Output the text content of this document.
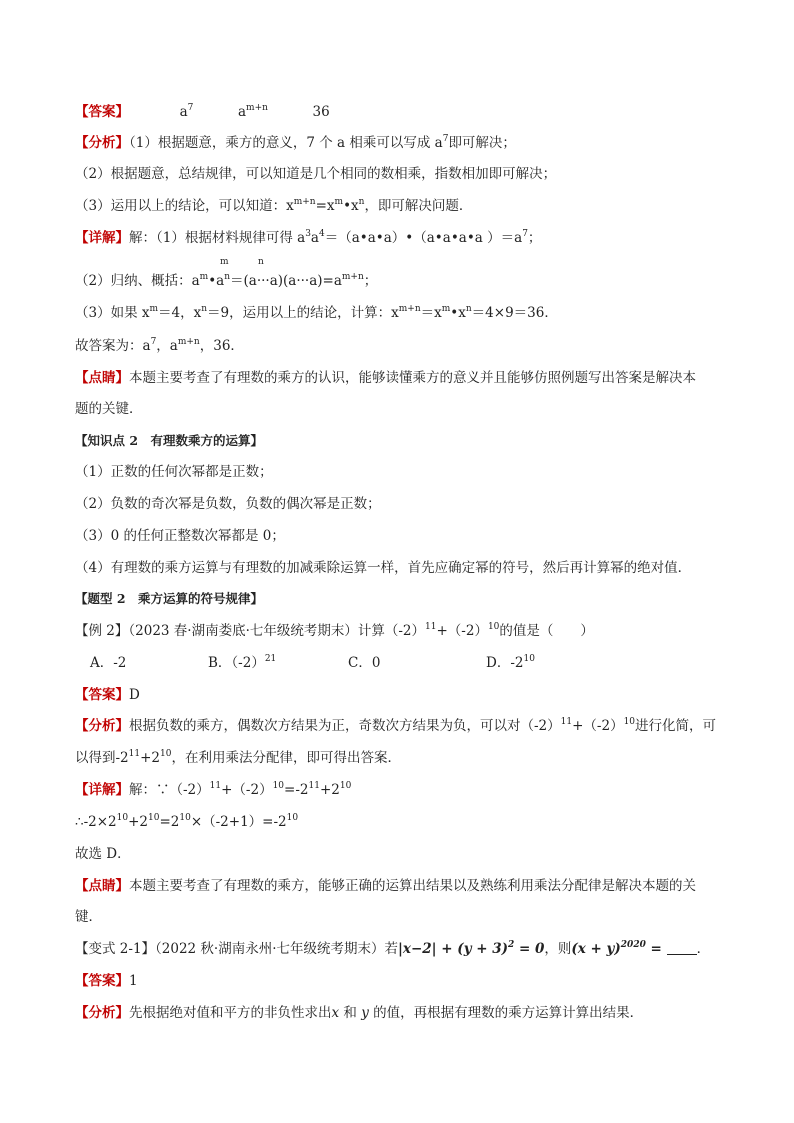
【答案】	$a^7$	$a^{m+n}$	36
【分析】（1）根据题意，乘方的意义，7 个 a 相乘可以写成 $a^7$即可解决；
（2）根据题意，总结规律，可以知道是几个相同的数相乘，指数相加即可解决；
（3）运用以上的结论，可以知道：$x^{m+n}=x^m•x^n$，即可解决问题．
【详解】解：（1）根据材料规律可得 $a^3a^4=(a•a•a)•(a•a•a•a$ ）$=a^7$；
m	n
（2）归纳、概括：$a^m•a^n=(a\cdot\cdot\cdot a)(a\cdot\cdot\cdot a)=a^{m+n}$；
（3）如果 $x^m=4$，$x^n=9$，运用以上的结论，计算：$x^{m+n}=x^m•x^n=4\times 9=36$．
故答案为：$a^7$，$a^{m+n}$，36．
【点睛】本题主要考查了有理数的乘方的认识，能够读懂乘方的意义并且能够仿照例题写出答案是解决本
题的关键．
【知识点 2　有理数乘方的运算】
（1）正数的任何次幂都是正数；
（2）负数的奇次幂是负数，负数的偶次幂是正数；
（3）0 的任何正整数次幂都是 0；
（4）有理数的乘方运算与有理数的加减乘除运算一样，首先应确定幂的符号，然后再计算幂的绝对值．
【题型 2　乘方运算的符号规律】
【例 2】（2023 春·湖南娄底·七年级统考期末）计算$(-2)^{11}+(-2)^{10}$的值是（　　）
A．-2	B．$(-2)^{21}$	C．0	D．$-2^{10}$
【答案】D
【分析】根据负数的乘方，偶数次方结果为正，奇数次方结果为负，可以对$(-2)^{11}+(-2)^{10}$进行化简，可
以得到$-2^{11}+2^{10}$，在利用乘法分配律，即可得出答案．
【详解】解：$\because(-2)^{11}+(-2)^{10}=-2^{11}+2^{10}$
$\therefore-2\times 2^{10}+2^{10}=2^{10}\times(-2+1)=-2^{10}$
故选 D．
【点睛】本题主要考查了有理数的乘方，能够正确的运算出结果以及熟练利用乘法分配律是解决本题的关
键．
【变式 2-1】（2022 秋·湖南永州·七年级统考期末）若$|x-2| + (y + 3)^2 = 0$，则$(x + y)^{2020}$ = ．
【答案】1
【分析】先根据绝对值和平方的非负性求出x 和 y 的值，再根据有理数的乘方运算计算出结果．
